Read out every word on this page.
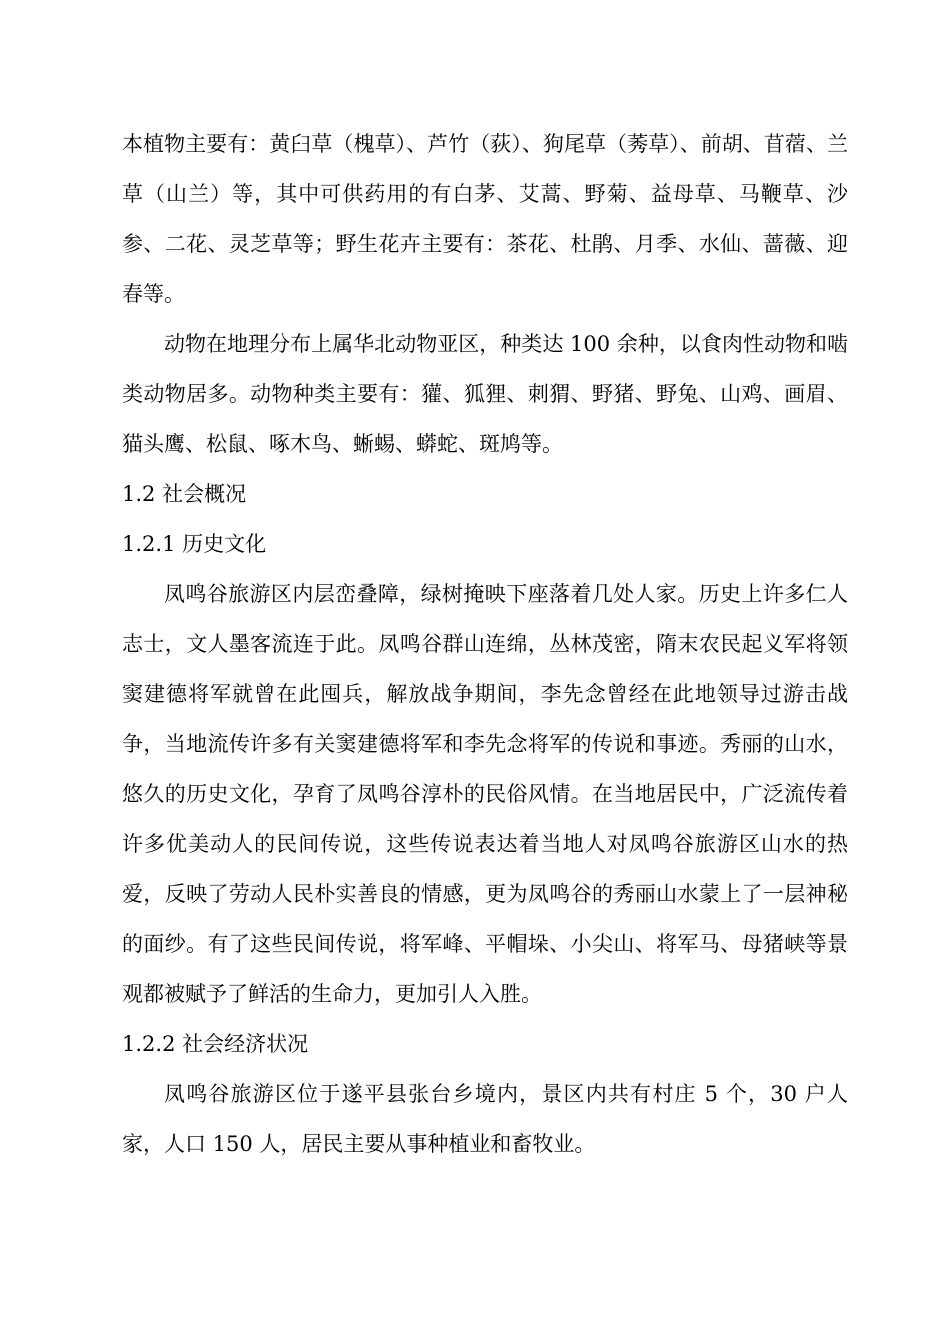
本植物主要有：黄臼草（槐草）、芦竹（荻）、狗尾草（莠草）、前胡、苜蓿、兰草（山兰）等，其中可供药用的有白茅、艾蒿、野菊、益母草、马鞭草、沙参、二花、灵芝草等；野生花卉主要有：茶花、杜鹃、月季、水仙、蔷薇、迎春等。

动物在地理分布上属华北动物亚区，种类达 100 余种，以食肉性动物和啮类动物居多。动物种类主要有：獾、狐狸、刺猬、野猪、野兔、山鸡、画眉、猫头鹰、松鼠、啄木鸟、蜥蜴、蟒蛇、斑鸠等。

1.2 社会概况

1.2.1 历史文化

凤鸣谷旅游区内层峦叠障，绿树掩映下座落着几处人家。历史上许多仁人志士，文人墨客流连于此。凤鸣谷群山连绵，丛林茂密，隋末农民起义军将领窦建德将军就曾在此囤兵，解放战争期间，李先念曾经在此地领导过游击战争，当地流传许多有关窦建德将军和李先念将军的传说和事迹。秀丽的山水，悠久的历史文化，孕育了凤鸣谷淳朴的民俗风情。在当地居民中，广泛流传着许多优美动人的民间传说，这些传说表达着当地人对凤鸣谷旅游区山水的热爱，反映了劳动人民朴实善良的情感，更为凤鸣谷的秀丽山水蒙上了一层神秘的面纱。有了这些民间传说，将军峰、平帽垛、小尖山、将军马、母猪峡等景观都被赋予了鲜活的生命力，更加引人入胜。

1.2.2 社会经济状况

凤鸣谷旅游区位于遂平县张台乡境内，景区内共有村庄 5 个，30 户人家，人口 150 人，居民主要从事种植业和畜牧业。
